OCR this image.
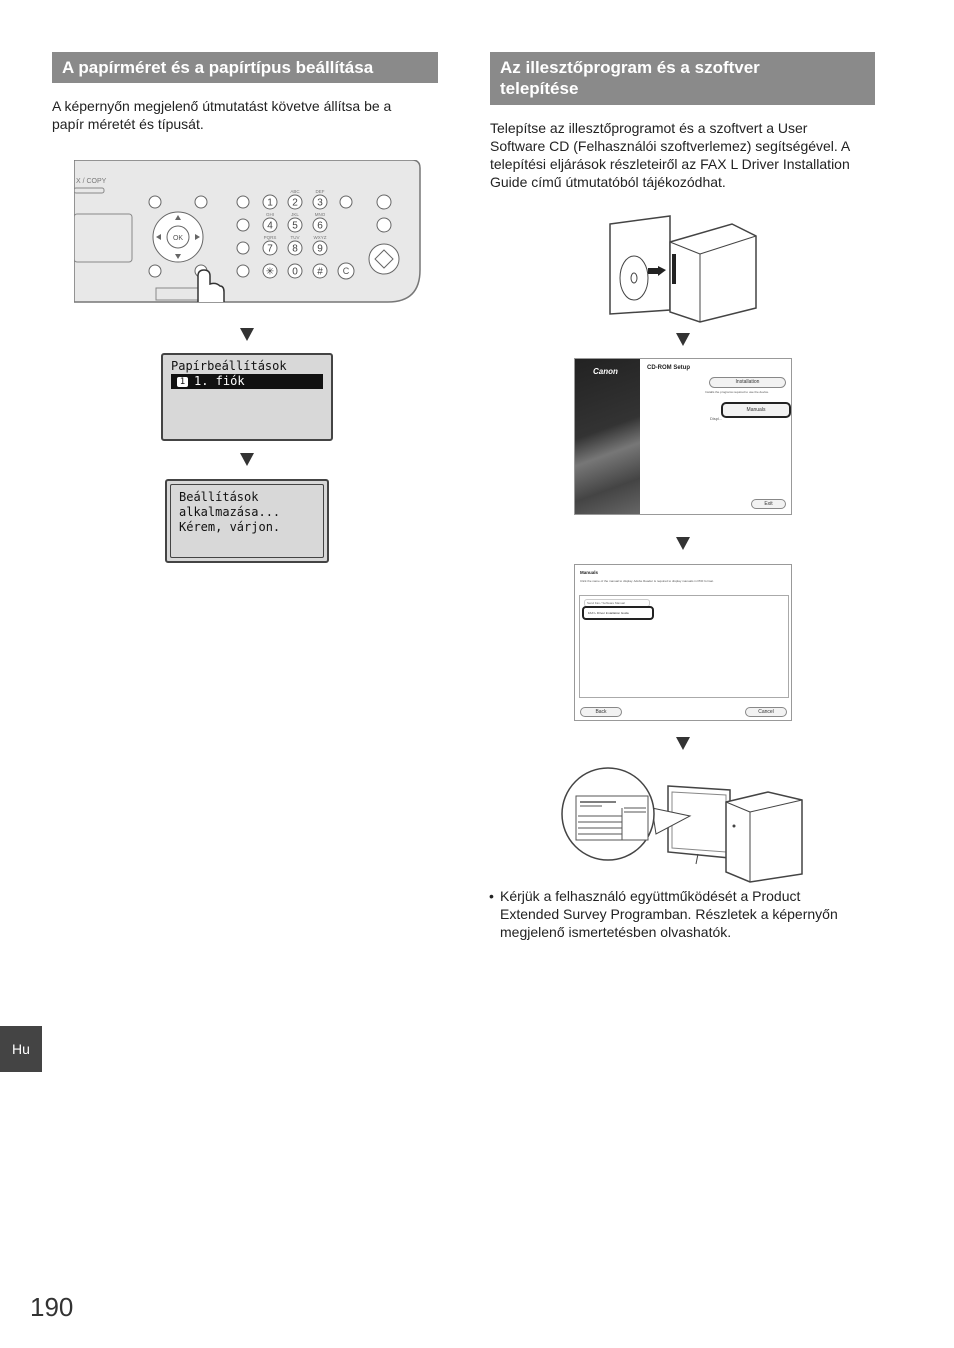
A papírméret és a papírtípus beállítása
A képernyőn megjelenő útmutatást követve állítsa be a papír méretét és típusát.
X / COPY
OK
1 2
ABC
3
DEF
4
GHI
5
JKL
6
MNO
7
PQRS
8
TUV
9
WXYZ
✳ 0 # C
Papírbeállítások
1 1. fiók
Beállítások
alkalmazása...
Kérem, várjon.
Az illesztőprogram és a szoftver
telepítése
Telepítse az illesztőprogramot és a szoftvert a User Software CD (Felhasználói szoftverlemez) segítségével. A telepítési eljárások részleteiről az FAX L Driver Installation Guide című útmutatóból tájékozódhat.
Canon	CD-ROM Setup
Installation
Installs the programs required to use the device.
Manuals
Displ...
Exit
Manuals
Click the name of the manual to display. Adobe Reader is required to display manuals in PDF format.
Send Fax / Software Manual
FAX L Driver Installation Guide
Back	Cancel
• Kérjük a felhasználó együttműködését a Product Extended Survey Programban. Részletek a képernyőn megjelenő ismertetésben olvashatók.
Hu
190
